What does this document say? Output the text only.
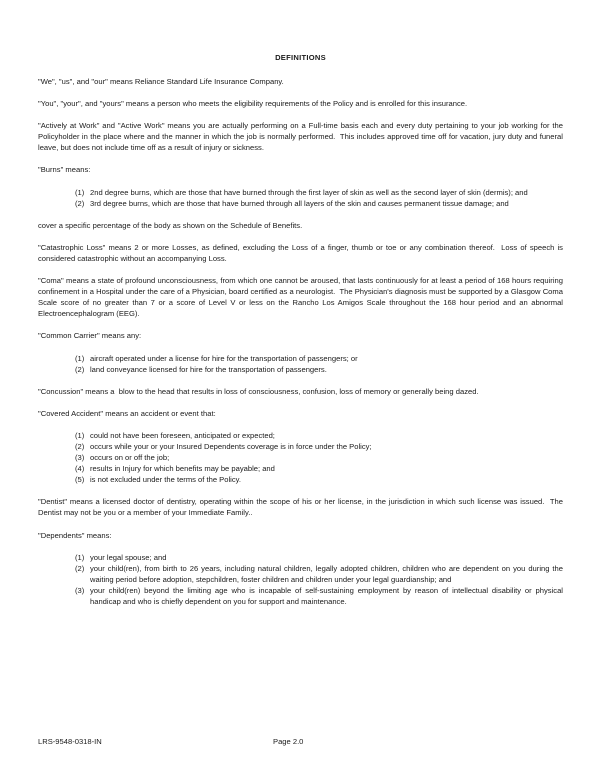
DEFINITIONS

"We", "us", and "our" means Reliance Standard Life Insurance Company.

"You", "your", and "yours" means a person who meets the eligibility requirements of the Policy and is enrolled for this insurance.

"Actively at Work" and "Active Work" means you are actually performing on a Full-time basis each and every duty pertaining to your job working for the Policyholder in the place where and the manner in which the job is normally performed.  This includes approved time off for vacation, jury duty and funeral leave, but does not include time off as a result of injury or sickness.

"Burns" means:

(1) 2nd degree burns, which are those that have burned through the first layer of skin as well as the second layer of skin (dermis); and
(2) 3rd degree burns, which are those that have burned through all layers of the skin and causes permanent tissue damage; and

cover a specific percentage of the body as shown on the Schedule of Benefits.

"Catastrophic Loss" means 2 or more Losses, as defined, excluding the Loss of a finger, thumb or toe or any combination thereof.  Loss of speech is considered catastrophic without an accompanying Loss.

"Coma" means a state of profound unconsciousness, from which one cannot be aroused, that lasts continuously for at least a period of 168 hours requiring confinement in a Hospital under the care of a Physician, board certified as a neurologist.  The Physician's diagnosis must be supported by a Glasgow Coma Scale score of no greater than 7 or a score of Level V or less on the Rancho Los Amigos Scale throughout the 168 hour period and an abnormal Electroencephalogram (EEG).

"Common Carrier" means any:

(1) aircraft operated under a license for hire for the transportation of passengers; or
(2) land conveyance licensed for hire for the transportation of passengers.

"Concussion" means a  blow to the head that results in loss of consciousness, confusion, loss of memory or generally being dazed.

"Covered Accident" means an accident or event that:

(1) could not have been foreseen, anticipated or expected;
(2) occurs while your or your Insured Dependents coverage is in force under the Policy;
(3) occurs on or off the job;
(4) results in Injury for which benefits may be payable; and
(5) is not excluded under the terms of the Policy.

"Dentist" means a licensed doctor of dentistry, operating within the scope of his or her license, in the jurisdiction in which such license was issued.  The Dentist may not be you or a member of your Immediate Family..

"Dependents" means:

(1) your legal spouse; and
(2) your child(ren), from birth to 26 years, including natural children, legally adopted children, children who are dependent on you during the waiting period before adoption, stepchildren, foster children and children under your legal guardianship; and
(3) your child(ren) beyond the limiting age who is incapable of self-sustaining employment by reason of intellectual disability or physical handicap and who is chiefly dependent on you for support and maintenance.
LRS-9548-0318-IN	Page 2.0
